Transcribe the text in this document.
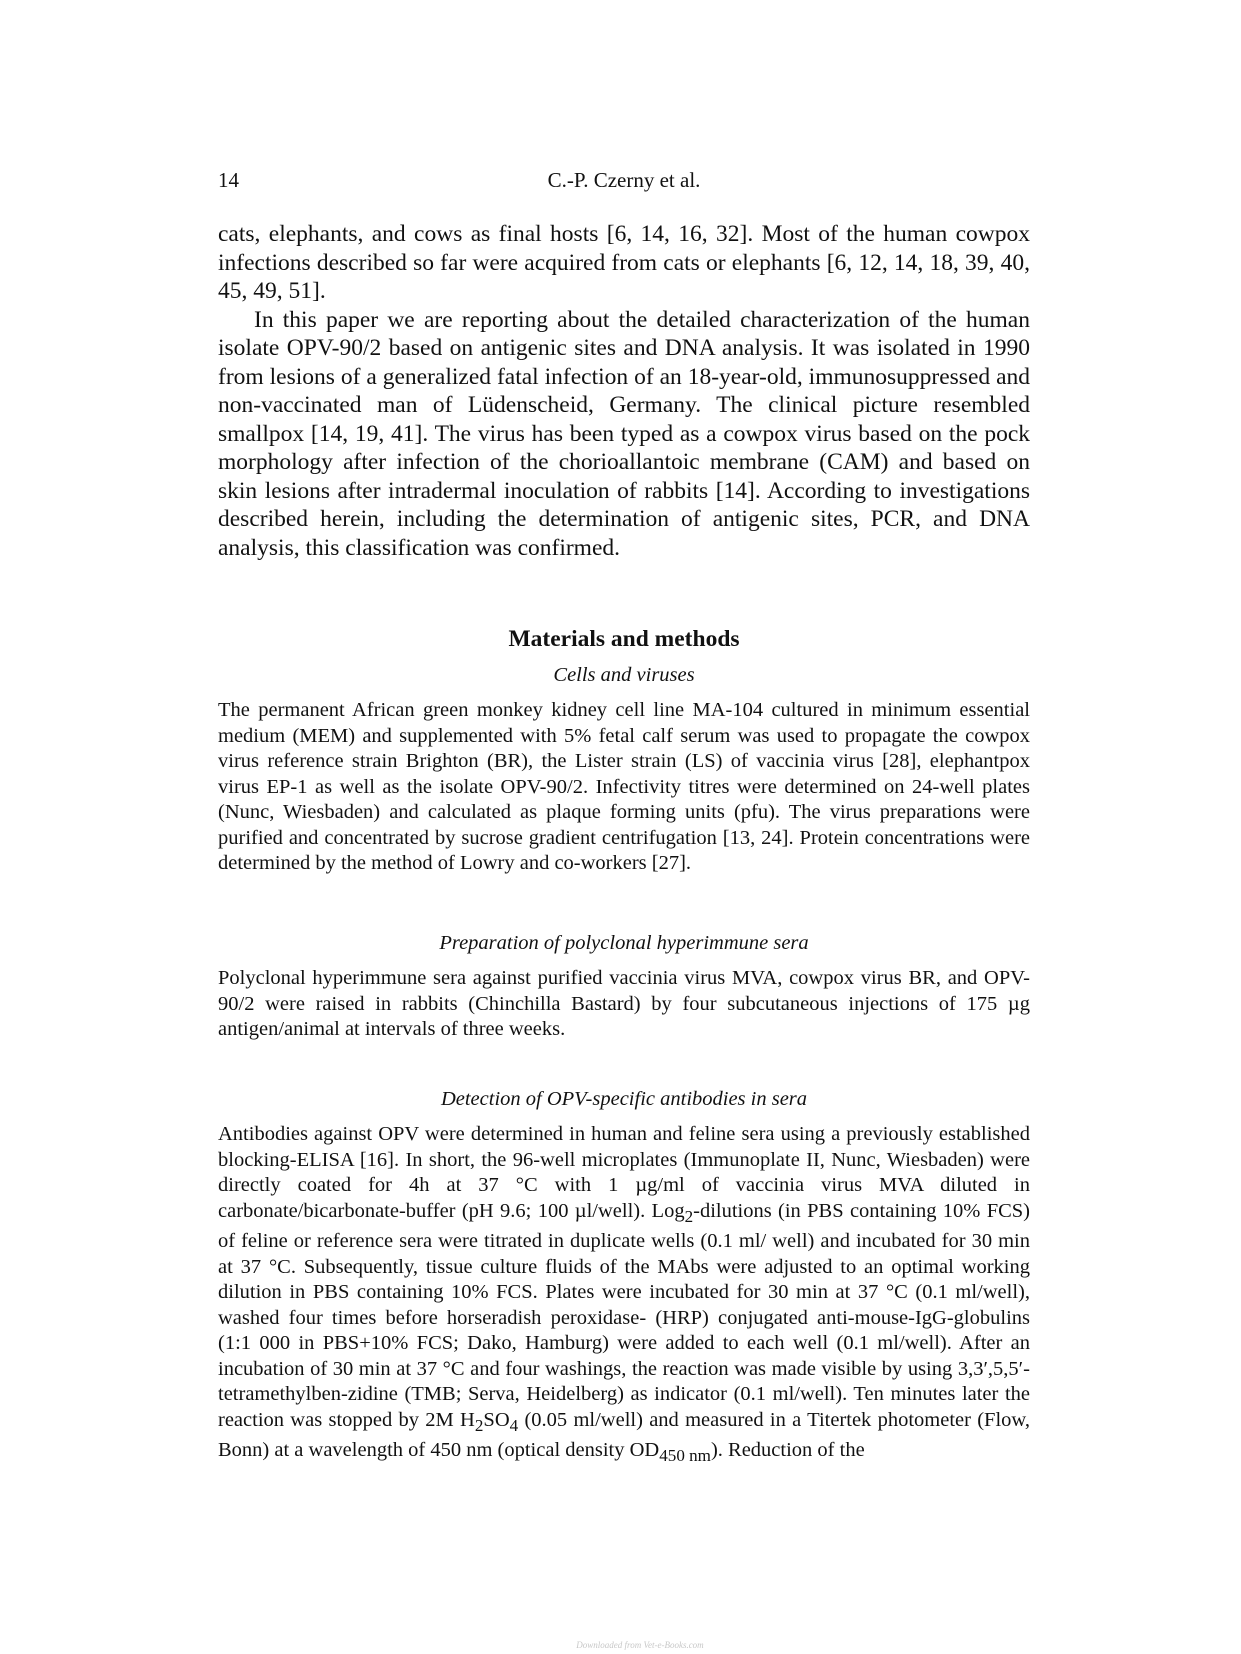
14	C.-P. Czerny et al.

cats, elephants, and cows as final hosts [6, 14, 16, 32]. Most of the human cowpox infections described so far were acquired from cats or elephants [6, 12, 14, 18, 39, 40, 45, 49, 51].

In this paper we are reporting about the detailed characterization of the human isolate OPV-90/2 based on antigenic sites and DNA analysis. It was isolated in 1990 from lesions of a generalized fatal infection of an 18-year-old, immunosuppressed and non-vaccinated man of Lüdenscheid, Germany. The clinical picture resembled smallpox [14, 19, 41]. The virus has been typed as a cowpox virus based on the pock morphology after infection of the chorioallantoic membrane (CAM) and based on skin lesions after intradermal inoculation of rabbits [14]. According to investigations described herein, including the determination of antigenic sites, PCR, and DNA analysis, this classification was confirmed.

Materials and methods
Cells and viruses

The permanent African green monkey kidney cell line MA-104 cultured in minimum essential medium (MEM) and supplemented with 5% fetal calf serum was used to propagate the cowpox virus reference strain Brighton (BR), the Lister strain (LS) of vaccinia virus [28], elephantpox virus EP-1 as well as the isolate OPV-90/2. Infectivity titres were determined on 24-well plates (Nunc, Wiesbaden) and calculated as plaque forming units (pfu). The virus preparations were purified and concentrated by sucrose gradient centrifugation [13, 24]. Protein concentrations were determined by the method of Lowry and co-workers [27].

Preparation of polyclonal hyperimmune sera

Polyclonal hyperimmune sera against purified vaccinia virus MVA, cowpox virus BR, and OPV-90/2 were raised in rabbits (Chinchilla Bastard) by four subcutaneous injections of 175 µg antigen/animal at intervals of three weeks.

Detection of OPV-specific antibodies in sera

Antibodies against OPV were determined in human and feline sera using a previously established blocking-ELISA [16]. In short, the 96-well microplates (Immunoplate II, Nunc, Wiesbaden) were directly coated for 4h at 37 °C with 1 µg/ml of vaccinia virus MVA diluted in carbonate/bicarbonate-buffer (pH 9.6; 100 µl/well). Log$_2$-dilutions (in PBS containing 10% FCS) of feline or reference sera were titrated in duplicate wells (0.1 ml/ well) and incubated for 30 min at 37 °C. Subsequently, tissue culture fluids of the MAbs were adjusted to an optimal working dilution in PBS containing 10% FCS. Plates were incubated for 30 min at 37 °C (0.1 ml/well), washed four times before horseradish peroxidase- (HRP) conjugated anti-mouse-IgG-globulins (1:1 000 in PBS+10% FCS; Dako, Hamburg) were added to each well (0.1 ml/well). After an incubation of 30 min at 37 °C and four washings, the reaction was made visible by using 3,3′,5,5′-tetramethylben-zidine (TMB; Serva, Heidelberg) as indicator (0.1 ml/well). Ten minutes later the reaction was stopped by 2M $H_2SO_4$ (0.05 ml/well) and measured in a Titertek photometer (Flow, Bonn) at a wavelength of 450 nm (optical density $OD_{450 nm}$). Reduction of the

Downloaded from Vet-e-Books.com
